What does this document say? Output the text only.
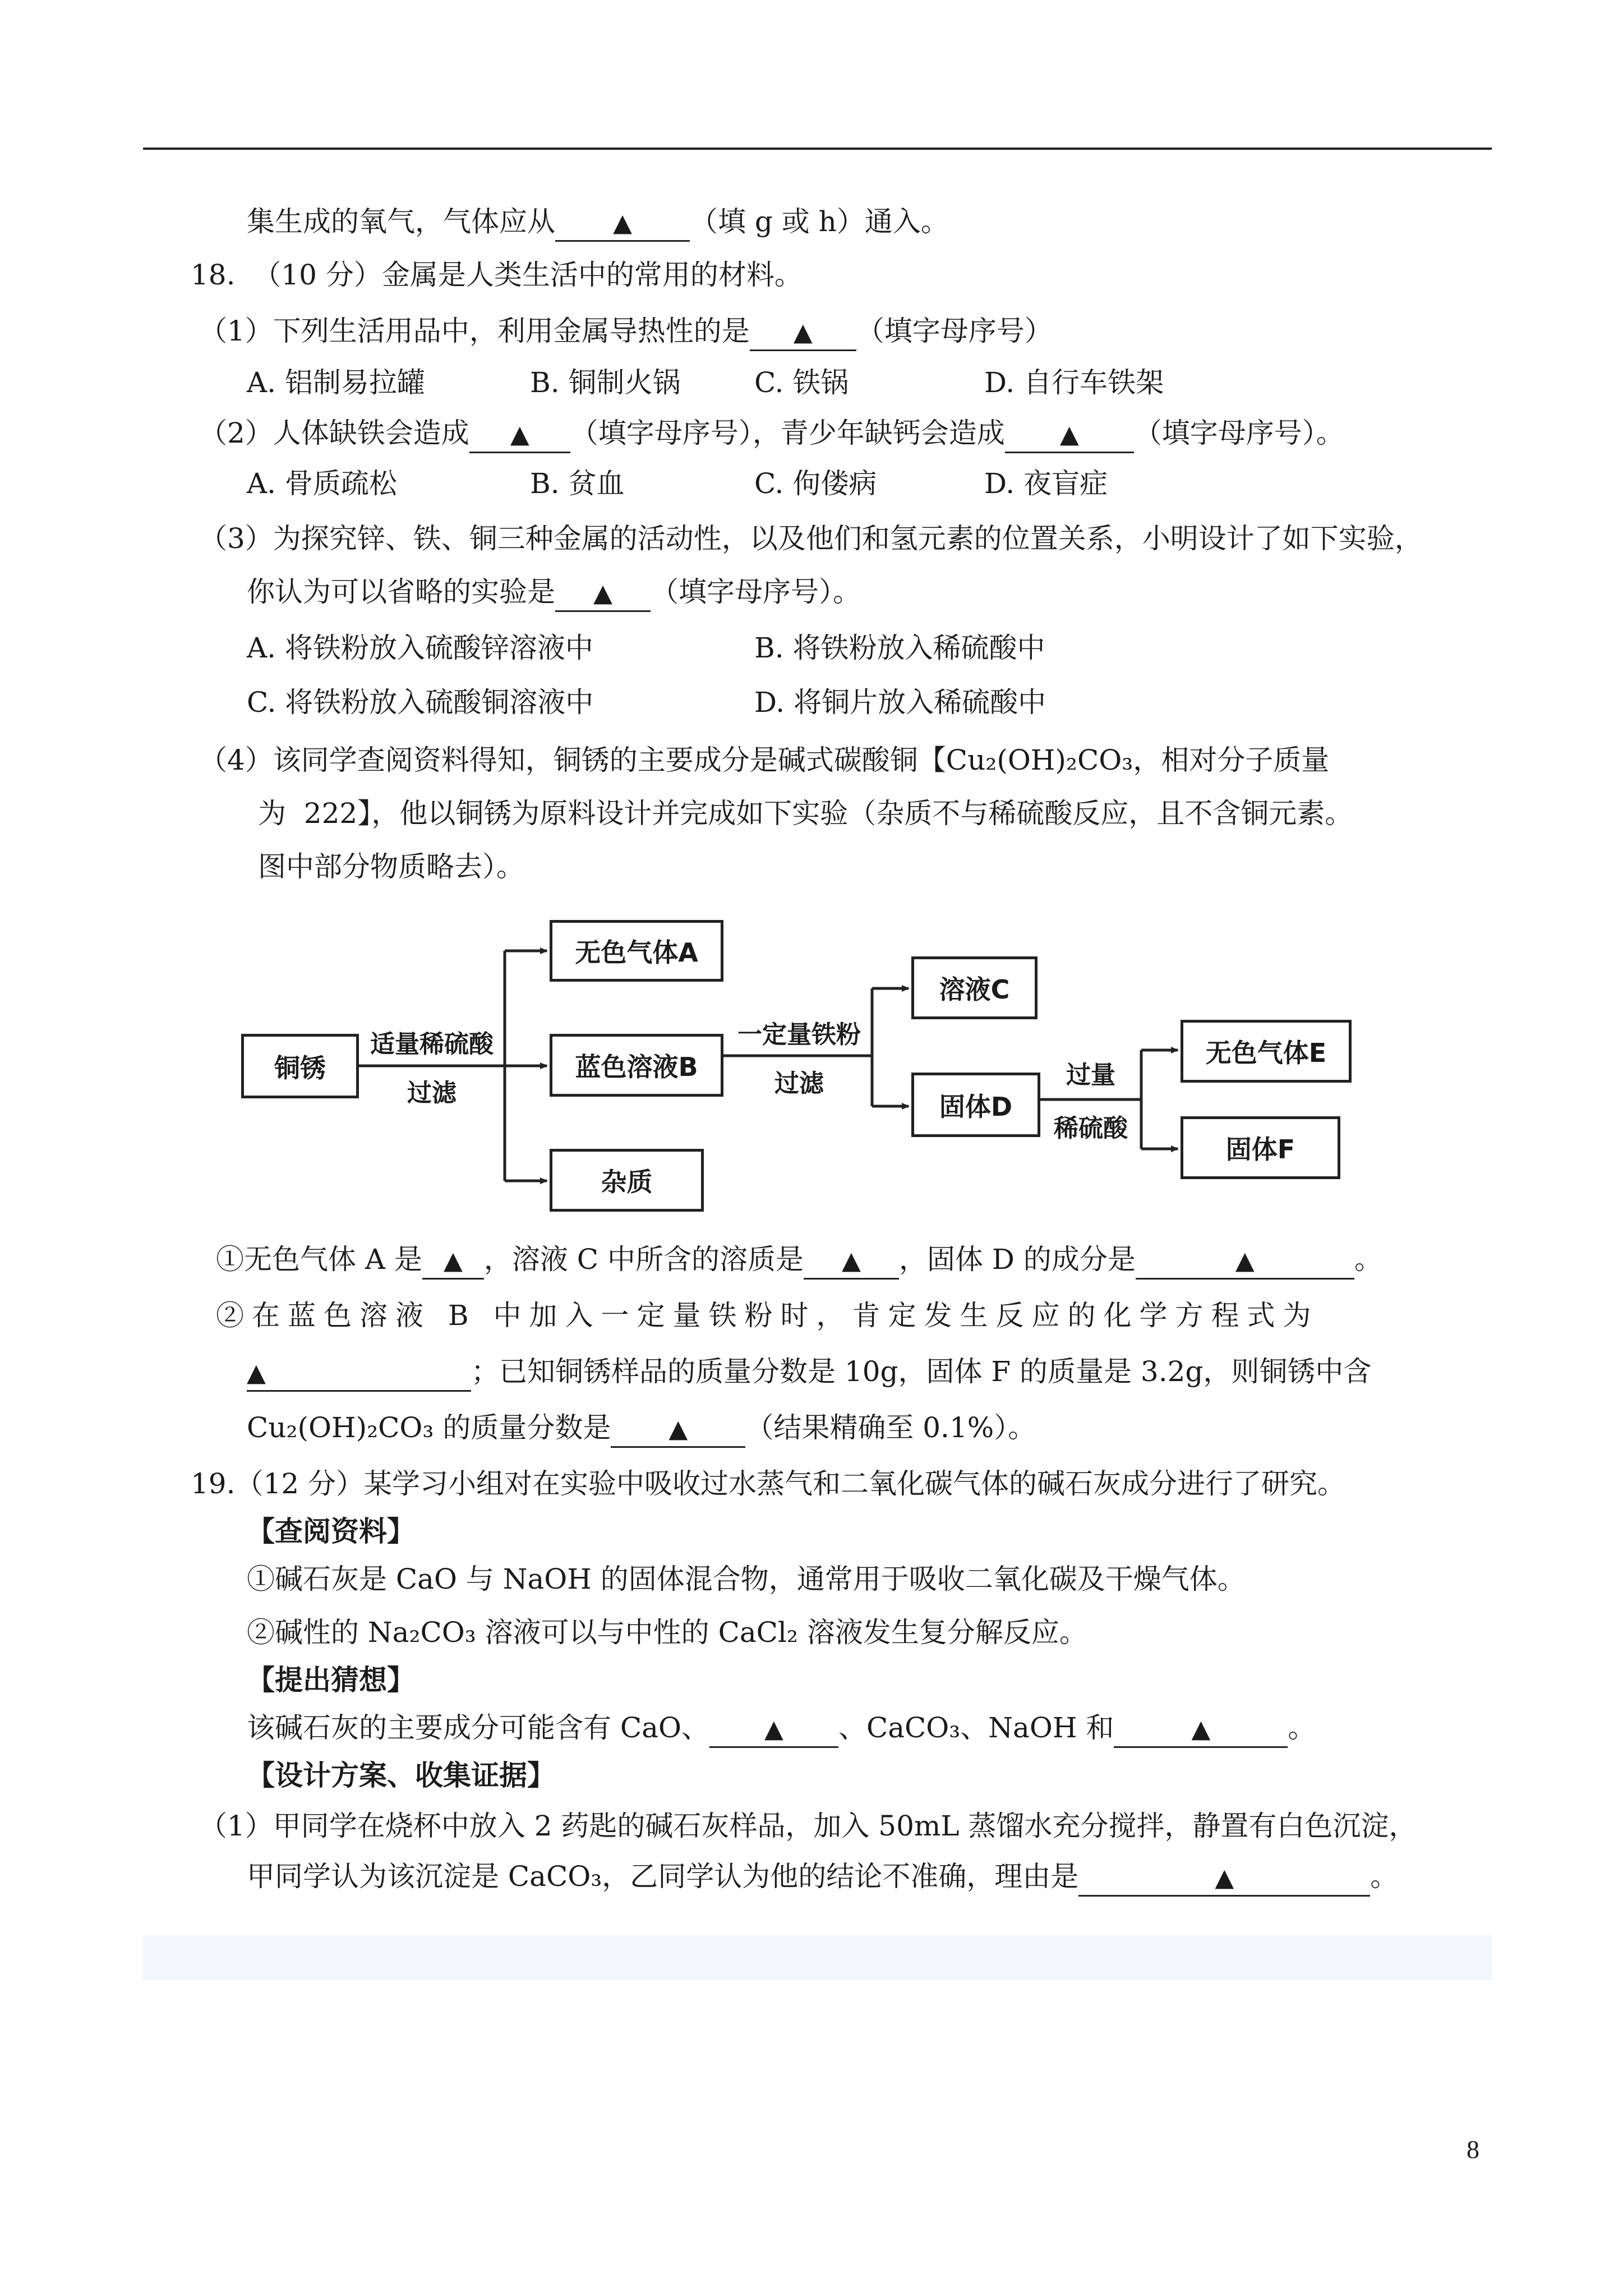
集生成的氧气，气体应从 ▲ （填 g 或 h）通入。
18.  （10 分）金属是人类生活中的常用的材料。
（1）下列生活用品中，利用金属导热性的是 ▲ （填字母序号）
A. 铝制易拉罐	B. 铜制火锅	C. 铁锅	D. 自行车铁架
（2）人体缺铁会造成 ▲ （填字母序号），青少年缺钙会造成 ▲ （填字母序号）。
A. 骨质疏松	B. 贫血	C. 佝偻病	D. 夜盲症
（3）为探究锌、铁、铜三种金属的活动性，以及他们和氢元素的位置关系，小明设计了如下实验，
你认为可以省略的实验是 ▲ （填字母序号）。
A. 将铁粉放入硫酸锌溶液中	B. 将铁粉放入稀硫酸中
C. 将铁粉放入硫酸铜溶液中	D. 将铜片放入稀硫酸中
（4）该同学查阅资料得知，铜锈的主要成分是碱式碳酸铜【Cu₂(OH)₂CO₃，相对分子质量
为  222】，他以铜锈为原料设计并完成如下实验（杂质不与稀硫酸反应，且不含铜元素。
图中部分物质略去）。
铜锈
无色气体A
蓝色溶液B
杂质
溶液C
固体D
无色气体E
固体F
适量稀硫酸
过滤
一定量铁粉
过滤	过量
稀硫酸
①无色气体 A 是 ▲ ，溶液 C 中所含的溶质是 ▲ ，固体 D 的成分是	▲	。
②在蓝色溶液 B 中加入一定量铁粉时，肯定发生反应的化学方程式为
▲	；已知铜锈样品的质量分数是 10g，固体 F 的质量是 3.2g，则铜锈中含
Cu₂(OH)₂CO₃ 的质量分数是 ▲ （结果精确至 0.1%）。
19.（12 分）某学习小组对在实验中吸收过水蒸气和二氧化碳气体的碱石灰成分进行了研究。
【查阅资料】
①碱石灰是 CaO 与 NaOH 的固体混合物，通常用于吸收二氧化碳及干燥气体。
②碱性的 Na₂CO₃ 溶液可以与中性的 CaCl₂ 溶液发生复分解反应。
【提出猜想】
该碱石灰的主要成分可能含有 CaO、 ▲ 、CaCO₃、NaOH 和	▲	。
【设计方案、收集证据】
（1）甲同学在烧杯中放入 2 药匙的碱石灰样品，加入 50mL 蒸馏水充分搅拌，静置有白色沉淀，
甲同学认为该沉淀是 CaCO₃，乙同学认为他的结论不准确，理由是	▲	。
8
